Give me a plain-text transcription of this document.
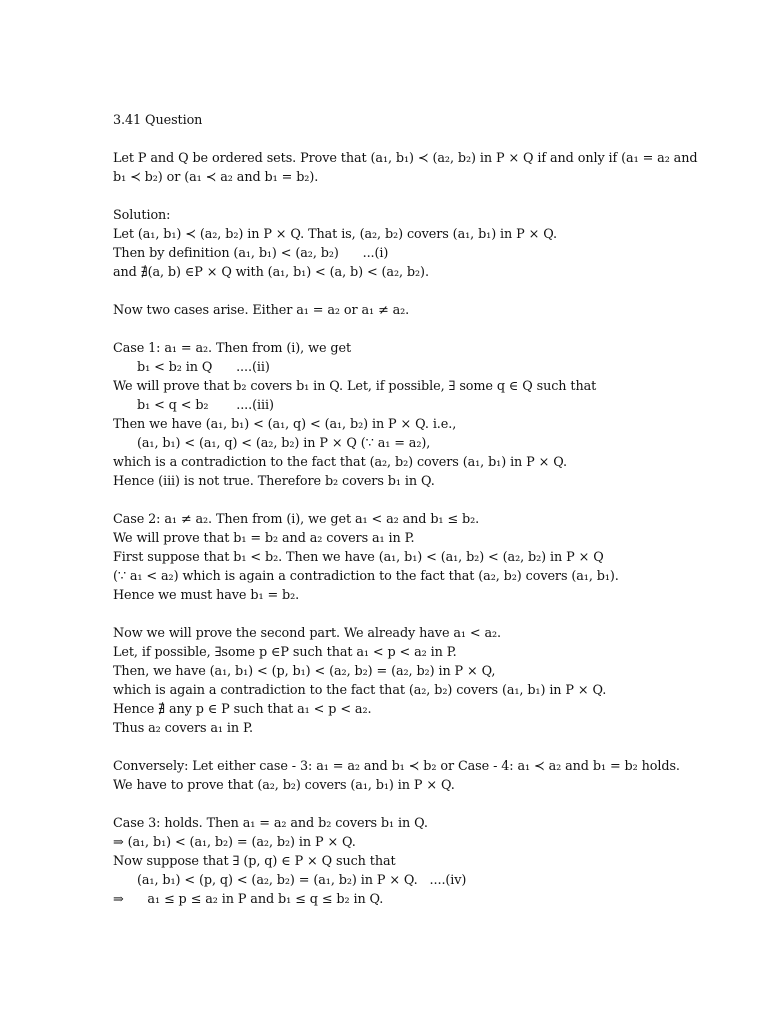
3.41 Question
Let P and Q be ordered sets. Prove that (a₁, b₁) ≺ (a₂, b₂) in P × Q if and only if (a₁ = a₂ and
b₁ ≺ b₂) or (a₁ ≺ a₂ and b₁ = b₂).
Solution:
Let (a₁, b₁) ≺ (a₂, b₂) in P × Q. That is, (a₂, b₂) covers (a₁, b₁) in P × Q.
Then by definition (a₁, b₁) < (a₂, b₂)      ...(i)
and ∄(a, b) ∈P × Q with (a₁, b₁) < (a, b) < (a₂, b₂).
Now two cases arise. Either a₁ = a₂ or a₁ ≠ a₂.
Case 1: a₁ = a₂. Then from (i), we get
b₁ < b₂ in Q      ....(ii)
We will prove that b₂ covers b₁ in Q. Let, if possible, ∃ some q ∈ Q such that
b₁ < q < b₂       ....(iii)
Then we have (a₁, b₁) < (a₁, q) < (a₁, b₂) in P × Q. i.e.,
(a₁, b₁) < (a₁, q) < (a₂, b₂) in P × Q (∵ a₁ = a₂),
which is a contradiction to the fact that (a₂, b₂) covers (a₁, b₁) in P × Q.
Hence (iii) is not true. Therefore b₂ covers b₁ in Q.
Case 2: a₁ ≠ a₂. Then from (i), we get a₁ < a₂ and b₁ ≤ b₂.
We will prove that b₁ = b₂ and a₂ covers a₁ in P.
First suppose that b₁ < b₂. Then we have (a₁, b₁) < (a₁, b₂) < (a₂, b₂) in P × Q
(∵ a₁ < a₂) which is again a contradiction to the fact that (a₂, b₂) covers (a₁, b₁).
Hence we must have b₁ = b₂.
Now we will prove the second part. We already have a₁ < a₂.
Let, if possible, ∃some p ∈P such that a₁ < p < a₂ in P.
Then, we have (a₁, b₁) < (p, b₁) < (a₂, b₂) = (a₂, b₂) in P × Q,
which is again a contradiction to the fact that (a₂, b₂) covers (a₁, b₁) in P × Q.
Hence ∄ any p ∈ P such that a₁ < p < a₂.
Thus a₂ covers a₁ in P.
Conversely: Let either case - 3: a₁ = a₂ and b₁ ≺ b₂ or Case - 4: a₁ ≺ a₂ and b₁ = b₂ holds.
We have to prove that (a₂, b₂) covers (a₁, b₁) in P × Q.
Case 3: holds. Then a₁ = a₂ and b₂ covers b₁ in Q.
⇒ (a₁, b₁) < (a₁, b₂) = (a₂, b₂) in P × Q.
Now suppose that ∃ (p, q) ∈ P × Q such that
(a₁, b₁) < (p, q) < (a₂, b₂) = (a₁, b₂) in P × Q.   ....(iv)
⇒      a₁ ≤ p ≤ a₂ in P and b₁ ≤ q ≤ b₂ in Q.
